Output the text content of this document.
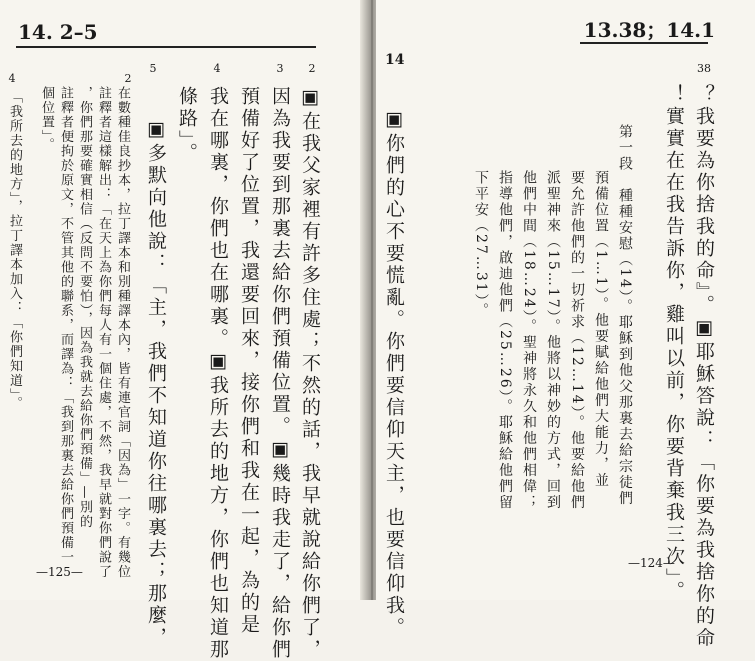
14. 2–5
2
3
4
5
▣在我父家裡有許多住處；不然的話，我早就說給你們了，
因為我要到那裏去給你們預備位置。▣幾時我走了，給你們
預備好了位置，我還要回來，接你們和我在一起，為的是
我在哪裏，你們也在哪裏。▣我所去的地方，你們也知道那
條路」。
▣多默向他說：「主，我們不知道你往哪裏去；那麼，
2
4
在數種佳良抄本，拉丁譯本和別種譯本內，皆有連官詞「因為」一字。有幾位
註釋者這樣解出：「在天上為你們每人有一個住處，不然，我早就對你們說了
，你們那要確實相信（反問不要怕），因為我就去給你們預備」—別的
註釋者便拘於原文，不管其他的聯系，而譯為：「我到那裏去給你們預備一
個位置」。
「我所去的地方」，拉丁譯本加入：「你們知道」。
—125—
13.38；14.1
14
38
？我要為你捨我的命』。▣耶穌答說：「你要為我捨你的命
！實實在在我告訴你，雞叫以前，你要背棄我三次」。
第一段　種種安慰（14）。耶穌到他父那裏去給宗徒們
預備位置（1…1）。他要賦給他們大能力，並
要允許他們的一切祈求（12…14）。他要給他們
派聖神來（15…17）。他將以神妙的方式，回到
他們中間（18…24）。聖神將永久和他們相偉；
指導他們，啟迪他們（25…26）。耶穌給他們留
下平安（27…31）。
▣你們的心不要慌亂。你們要信仰天主，也要信仰我。	—124—
